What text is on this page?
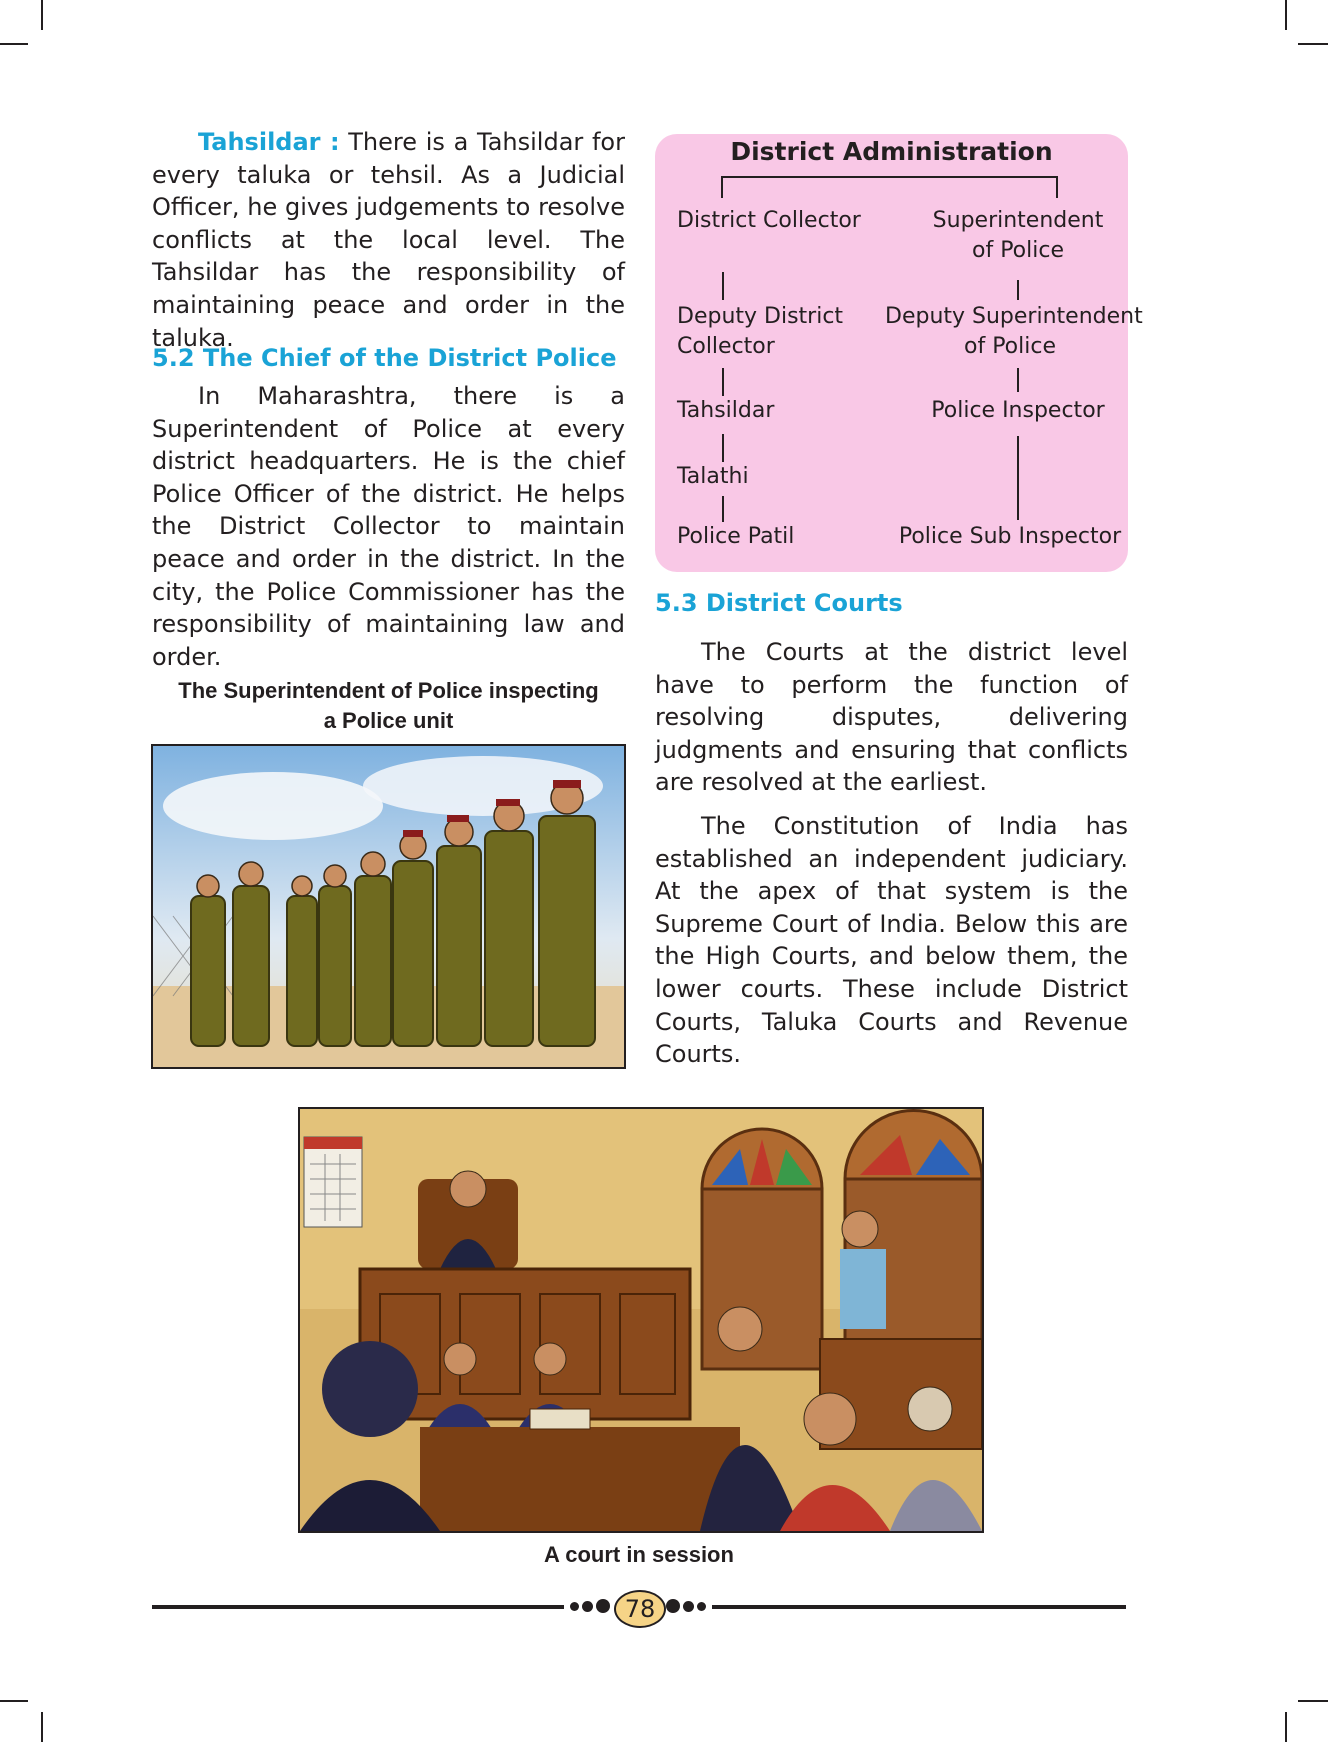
Tahsildar : There is a Tahsildar for every taluka or tehsil. As a Judicial Officer, he gives judgements to resolve conflicts at the local level. The Tahsildar has the responsibility of maintaining peace and order in the taluka.

5.2 The Chief of the District Police

In Maharashtra, there is a Superintendent of Police at every district headquarters. He is the chief Police Officer of the district. He helps the District Collector to maintain peace and order in the district. In the city, the Police Commissioner has the responsibility of maintaining law and order.

The Superintendent of Police inspecting
a Police unit
District Administration
District Collector
Deputy District
Collector
Tahsildar
Talathi
Police Patil
Superintendent
of Police
Deputy Superintendent
of Police
Police Inspector
Police Sub Inspector
5.3 District Courts

The Courts at the district level have to perform the function of resolving disputes, delivering judgments and ensuring that conflicts are resolved at the earliest.

The Constitution of India has established an independent judiciary. At the apex of that system is the Supreme Court of India. Below this are the High Courts, and below them, the lower courts. These include District Courts, Taluka Courts and Revenue Courts.

A court in session
78
